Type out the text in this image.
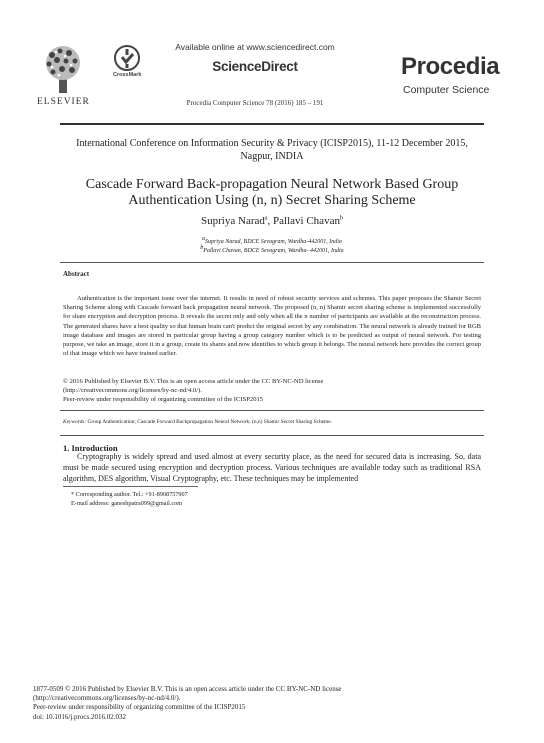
ELSEVIER
CrossMark
Available online at www.sciencedirect.com
ScienceDirect
Procedia Computer Science 78 (2016) 185 – 191
Procedia
Computer Science
International Conference on Information Security & Privacy (ICISP2015), 11-12 December 2015,
Nagpur, INDIA
Cascade Forward Back-propagation Neural Network Based Group
Authentication Using (n, n) Secret Sharing Scheme
Supriya Narad$^a$, Pallavi Chavan$^b$
$^a$Supriya Narad, BDCE Sevagram, Wardha-442001, India
$^b$Pallavi Chavan, BDCE Sevagram, Wardha- 442001, India
Abstract
Authentication is the important issue over the internet. It results in need of robust security services and schemes. This paper proposes the Shamir Secret Sharing Scheme along with Cascade forward back propagation neural network. The proposed (n, n) Shamir secret sharing scheme is implemented successfully for share encryption and decryption process. It reveals the secret only and only when all the n number of participants are available at the reconstruction process. The generated shares have a best quality so that human brain can't predict the original secret by any combination. The neural network is already trained for RGB image database and images are stored in particular group having a group category number which is to be predicted as output of neural network. For testing purpose, we take an image, store it in a group, create its shares and now identifies to which group it belongs. The neural network here provides the correct group of that image which we have trained earlier.
© 2016 Published by Elsevier B.V. This is an open access article under the CC BY-NC-ND license
(http://creativecommons.org/licenses/by-nc-nd/4.0/).
Peer-review under responsibility of organizing committee of the ICISP2015
Keywords: Group Authentication; Cascade Forward Backpropagation Neural Network; (n,n) Shamir Secret Sharing Scheme.
1. Introduction
Cryptography is widely spread and used almost at every security place, as the need for secured data is increasing. So, data must be made secured using encryption and decryption process. Various techniques are available today such as traditional RSA algorithm, DES algorithm, Visual Cryptography, etc. These techniques may be implemented
* Corresponding author. Tel.: +91-8908757907
E-mail address: ganeshpatra099@gmail.com
1877-0509 © 2016 Published by Elsevier B.V. This is an open access article under the CC BY-NC-ND license
(http://creativecommons.org/licenses/by-nc-nd/4.0/).
Peer-review under responsibility of organizing committee of the ICISP2015
doi: 10.1016/j.procs.2016.02.032
